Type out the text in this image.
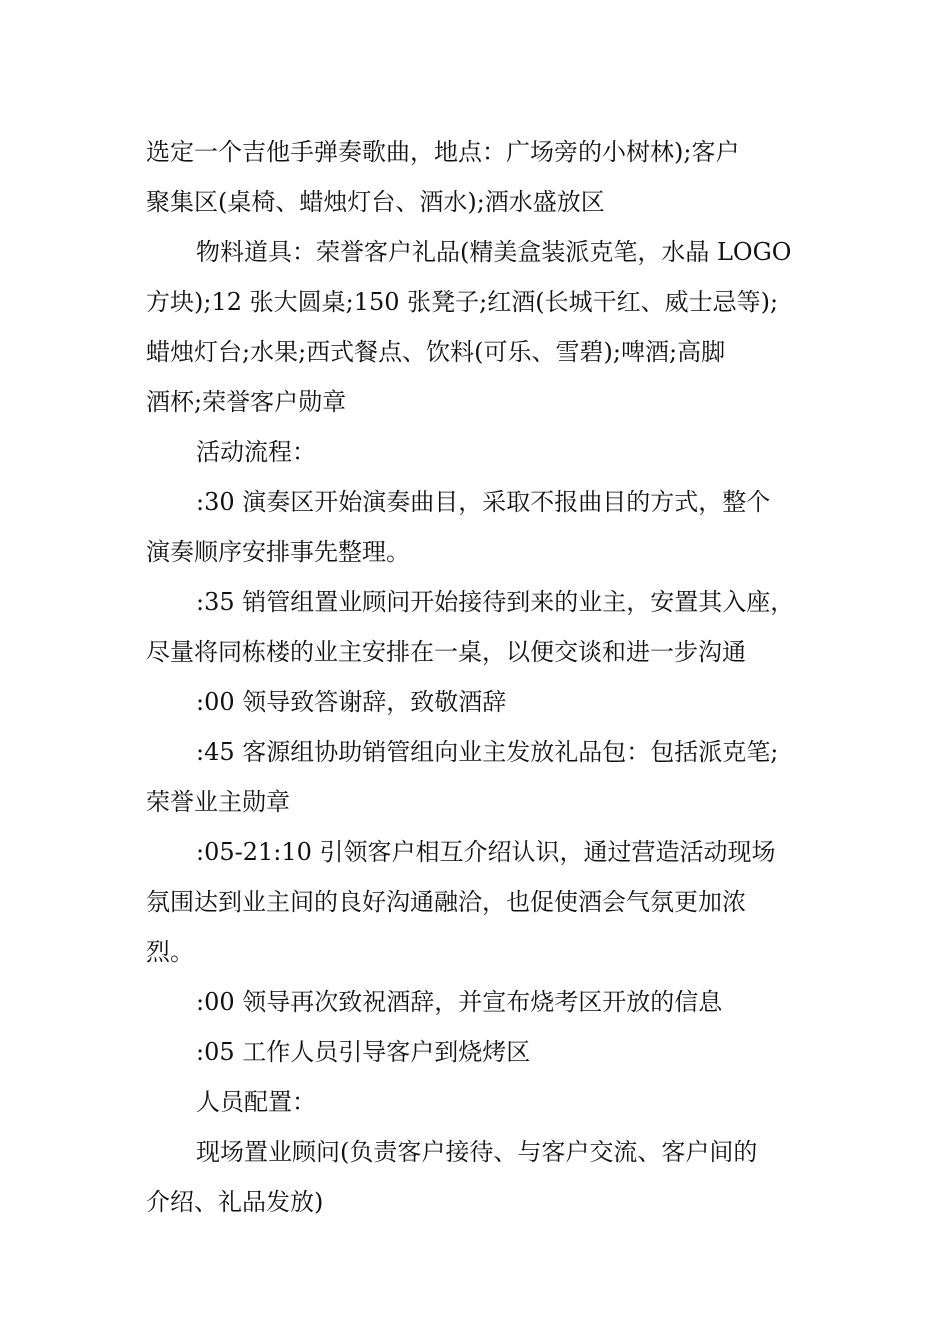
选定一个吉他手弹奏歌曲，地点：广场旁的小树林);客户
聚集区(桌椅、蜡烛灯台、酒水);酒水盛放区
物料道具：荣誉客户礼品(精美盒装派克笔，水晶 LOGO
方块);12 张大圆桌;150 张凳子;红酒(长城干红、威士忌等);
蜡烛灯台;水果;西式餐点、饮料(可乐、雪碧);啤酒;高脚
酒杯;荣誉客户勋章
活动流程：
:30 演奏区开始演奏曲目，采取不报曲目的方式，整个
演奏顺序安排事先整理。
:35 销管组置业顾问开始接待到来的业主，安置其入座，
尽量将同栋楼的业主安排在一桌，以便交谈和进一步沟通
:00 领导致答谢辞，致敬酒辞
:45 客源组协助销管组向业主发放礼品包：包括派克笔;
荣誉业主勋章
:05-21:10 引领客户相互介绍认识，通过营造活动现场
氛围达到业主间的良好沟通融洽，也促使酒会气氛更加浓
烈。
:00 领导再次致祝酒辞，并宣布烧考区开放的信息
:05 工作人员引导客户到烧烤区
人员配置：
现场置业顾问(负责客户接待、与客户交流、客户间的
介绍、礼品发放)
